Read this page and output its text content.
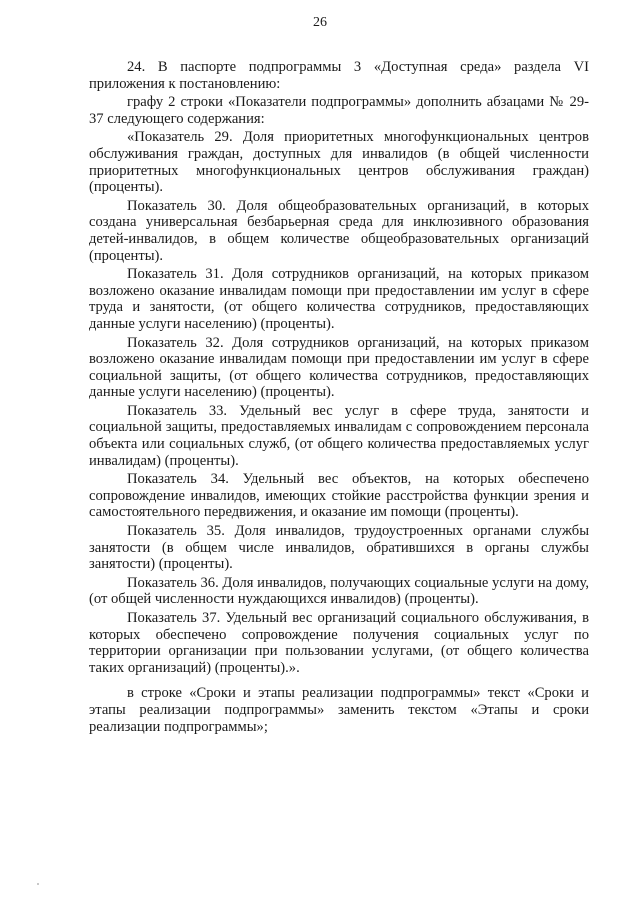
26

24. В паспорте подпрограммы 3 «Доступная среда» раздела VI приложения к постановлению:

графу 2 строки «Показатели подпрограммы» дополнить абзацами № 29-37 следующего содержания:

«Показатель 29. Доля приоритетных многофункциональных центров обслуживания граждан, доступных для инвалидов (в общей численности приоритетных многофункциональных центров обслуживания граждан) (проценты).

Показатель 30. Доля общеобразовательных организаций, в которых создана универсальная безбарьерная среда для инклюзивного образования детей-инвалидов, в общем количестве общеобразовательных организаций (проценты).

Показатель 31. Доля сотрудников организаций, на которых приказом возложено оказание инвалидам помощи при предоставлении им услуг в сфере труда и занятости, (от общего количества сотрудников, предоставляющих данные услуги населению) (проценты).

Показатель 32. Доля сотрудников организаций, на которых приказом возложено оказание инвалидам помощи при предоставлении им услуг в сфере социальной защиты, (от общего количества сотрудников, предоставляющих данные услуги населению) (проценты).

Показатель 33. Удельный вес услуг в сфере труда, занятости и социальной защиты, предоставляемых инвалидам с сопровождением персонала объекта или социальных служб, (от общего количества предоставляемых услуг инвалидам) (проценты).

Показатель 34. Удельный вес объектов, на которых обеспечено сопровождение инвалидов, имеющих стойкие расстройства функции зрения и самостоятельного передвижения, и оказание им помощи (проценты).

Показатель 35. Доля инвалидов, трудоустроенных органами службы занятости (в общем числе инвалидов, обратившихся в органы службы занятости) (проценты).

Показатель 36. Доля инвалидов, получающих социальные услуги на дому, (от общей численности нуждающихся инвалидов) (проценты).

Показатель 37. Удельный вес организаций социального обслуживания, в которых обеспечено сопровождение получения социальных услуг по территории организации при пользовании услугами, (от общего количества таких организаций) (проценты).».

в строке «Сроки и этапы реализации подпрограммы» текст «Сроки и этапы реализации подпрограммы» заменить текстом «Этапы и сроки реализации подпрограммы»;
